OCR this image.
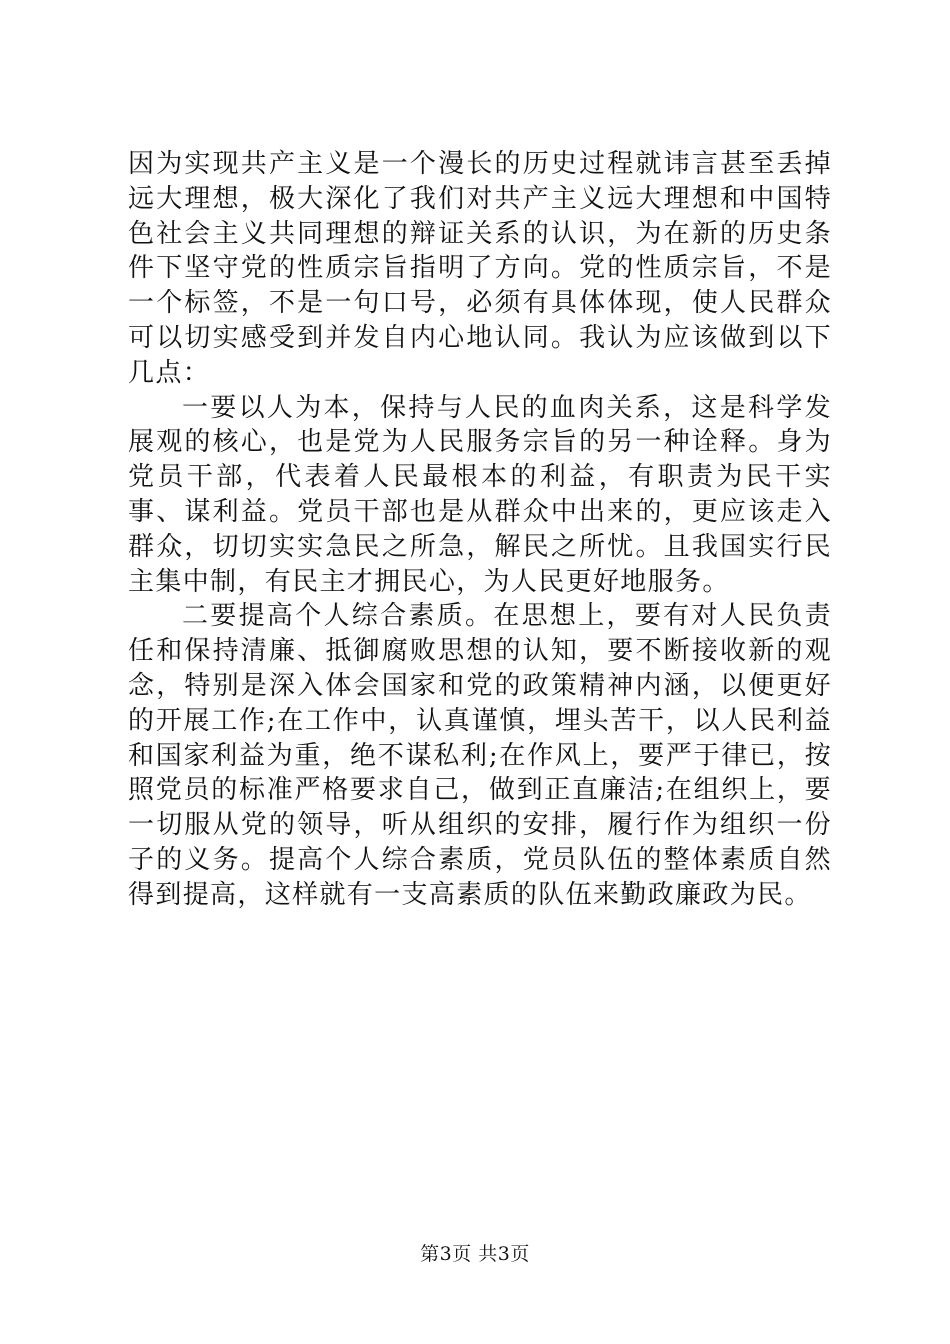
因为实现共产主义是一个漫长的历史过程就讳言甚至丢掉远大理想，极大深化了我们对共产主义远大理想和中国特色社会主义共同理想的辩证关系的认识，为在新的历史条件下坚守党的性质宗旨指明了方向。党的性质宗旨，不是一个标签，不是一句口号，必须有具体体现，使人民群众可以切实感受到并发自内心地认同。我认为应该做到以下几点：

一要以人为本，保持与人民的血肉关系，这是科学发展观的核心，也是党为人民服务宗旨的另一种诠释。身为党员干部，代表着人民最根本的利益，有职责为民干实事、谋利益。党员干部也是从群众中出来的，更应该走入群众，切切实实急民之所急，解民之所忧。且我国实行民主集中制，有民主才拥民心，为人民更好地服务。

二要提高个人综合素质。在思想上，要有对人民负责任和保持清廉、抵御腐败思想的认知，要不断接收新的观念，特别是深入体会国家和党的政策精神内涵，以便更好的开展工作;在工作中，认真谨慎，埋头苦干，以人民利益和国家利益为重，绝不谋私利;在作风上，要严于律已，按照党员的标准严格要求自己，做到正直廉洁;在组织上，要一切服从党的领导，听从组织的安排，履行作为组织一份子的义务。提高个人综合素质，党员队伍的整体素质自然得到提高，这样就有一支高素质的队伍来勤政廉政为民。

第3页 共3页
